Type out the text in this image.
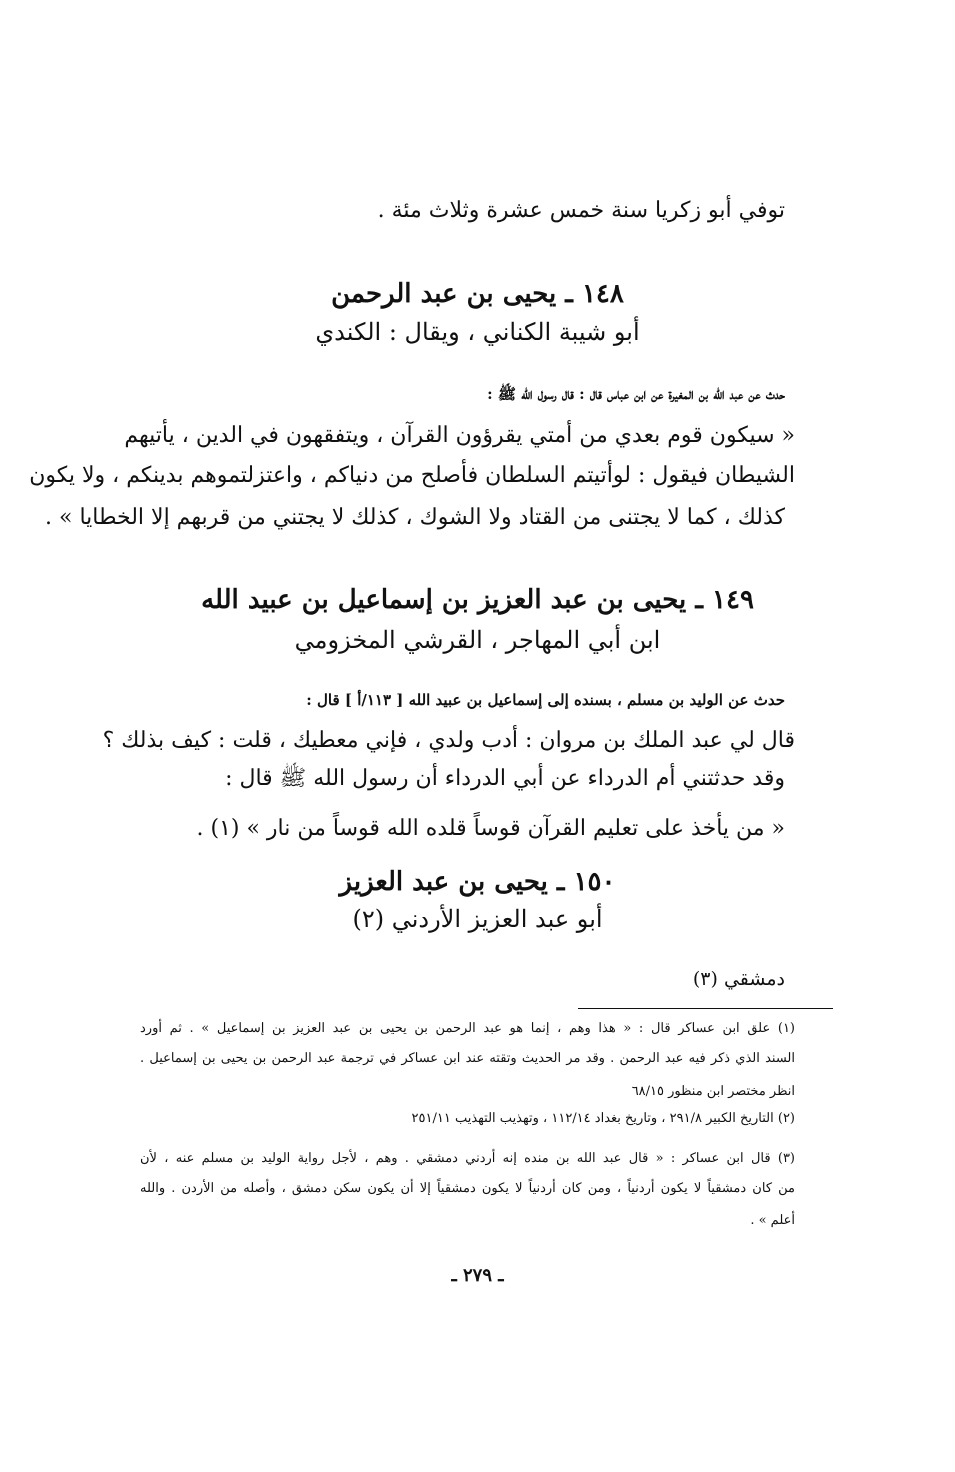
توفي أبو زكريا سنة خمس عشرة وثلاث مئة .
١٤٨ ـ يحيى بن عبد الرحمن
أبو شيبة الكناني ، ويقال : الكندي
حدث عن عبد الله بن المغيرة عن ابن عباس قال : قال رسول الله ﷺ :
« سيكون قوم بعدي من أمتي يقرؤون القرآن ، ويتفقهون في الدين ، يأتيهم
الشيطان فيقول : لوأتيتم السلطان فأصلح من دنياكم ، واعتزلتموهم بدينكم ، ولا يكون
كذلك ، كما لا يجتنى من القتاد ولا الشوك ، كذلك لا يجتني من قربهم إلا الخطايا » .
١٤٩ ـ يحيى بن عبد العزيز بن إسماعيل بن عبيد الله
ابن أبي المهاجر ، القرشي المخزومي
حدث عن الوليد بن مسلم ، بسنده إلى إسماعيل بن عبيد الله [ ١١٣/أ ] قال :
قال لي عبد الملك بن مروان : أدب ولدي ، فإني معطيك ، قلت : كيف بذلك ؟
وقد حدثتني أم الدرداء عن أبي الدرداء أن رسول الله ﷺ قال :
« من يأخذ على تعليم القرآن قوساً قلده الله قوساً من نار » (١) .
١٥٠ ـ يحيى بن عبد العزيز
أبو عبد العزيز الأردني (٢)
دمشقي (٣)
(١) علق ابن عساكر قال : « هذا وهم ، إنما هو عبد الرحمن بن يحيى بن عبد العزيز بن إسماعيل » . ثم أورد
السند الذي ذكر فيه عبد الرحمن . وقد مر الحديث وتقته عند ابن عساكر في ترجمة عبد الرحمن بن يحيى بن إسماعيل .
انظر مختصر ابن منظور ٦٨/١٥
(٢) التاريخ الكبير ٢٩١/٨ ، وتاريخ بغداد ١١٢/١٤ ، وتهذيب التهذيب ٢٥١/١١
(٣) قال ابن عساكر : « قال عبد الله بن منده إنه أردني دمشقي . وهم ، لأجل رواية الوليد بن مسلم عنه ، لأن
من كان دمشقياً لا يكون أردنياً ، ومن كان أردنياً لا يكون دمشقياً إلا أن يكون سكن دمشق ، وأصله من الأردن . والله
أعلم » .
ـ ٢٧٩ ـ
